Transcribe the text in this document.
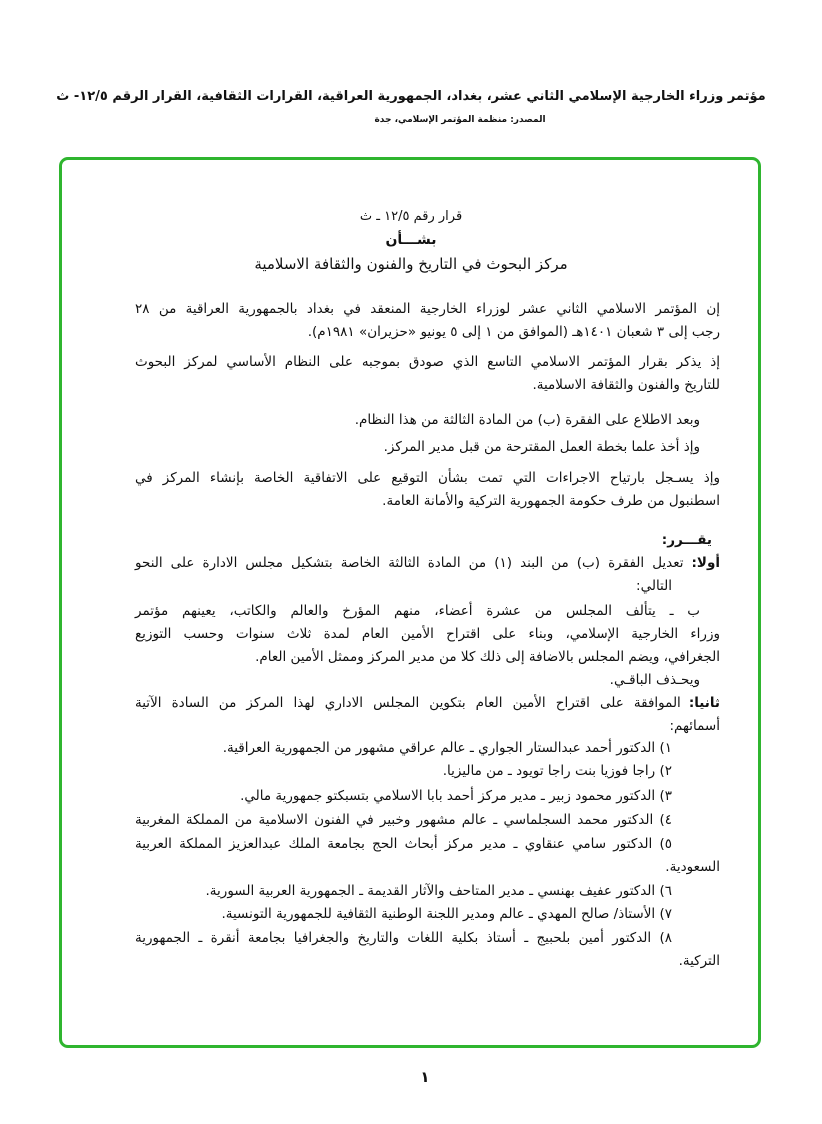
مؤتمر وزراء الخارجية الإسلامي الثاني عشر، بغداد، الجمهورية العراقية، القرارات الثقافية، القرار الرقم ١٢/٥- ث
المصدر: منظمة المؤتمر الإسلامي، جدة
قرار رقم ١٢/٥ ـ ث
بشـــأن
مركز البحوث في التاريخ والفنون والثقافة الاسلامية
إن المؤتمر الاسلامي الثاني عشر لوزراء الخارجية المنعقد في بغداد بالجمهورية العراقية من ٢٨
رجب إلى ٣ شعبان ١٤٠١هـ (الموافق من ١ إلى ٥ يونيو «حزيران» ١٩٨١م).
إذ يذكر بقرار المؤتمر الاسلامي التاسع الذي صودق بموجبه على النظام الأساسي لمركز البحوث
للتاريخ والفنون والثقافة الاسلامية.
وبعد الاطلاع على الفقرة (ب) من المادة الثالثة من هذا النظام.
وإذ أخذ علما بخطة العمل المقترحة من قبل مدير المركز.
وإذ يسـجل بارتياح الاجراءات التي تمت بشأن التوقيع على الاتفاقية الخاصة بإنشاء المركز في
اسطنبول من طرف حكومة الجمهورية التركية والأمانة العامة.
يقـــرر:
أولا:
تعديل الفقرة (ب) من البند (١) من المادة الثالثة الخاصة بتشكيل مجلس الادارة على النحو
التالي:
ب ـ يتألف المجلس من عشرة أعضاء، منهم المؤرخ والعالم والكاتب، يعينهم مؤتمر
وزراء الخارجية الإسلامي، وبناء على اقتراح الأمين العام لمدة ثلاث سنوات وحسب التوزيع
الجغرافي، ويضم المجلس بالاضافة إلى ذلك كلا من مدير المركز وممثل الأمين العام.
ويحـذف الباقـي.
ثانيا:
الموافقة على اقتراح الأمين العام بتكوين المجلس الاداري لهذا المركز من السادة الآتية
أسمائهم:
١) الدكتور أحمد عبدالستار الجواري ـ عالم عراقي مشهور من الجمهورية العراقية.
٢) راجا فوزيا بنت راجا تويود ـ من ماليزيا.
٣) الدكتور محمود زبير ـ مدير مركز أحمد بابا الاسلامي بتسبكتو جمهورية مالي.
٤) الدكتور محمد السجلماسي ـ عالم مشهور وخبير في الفنون الاسلامية من المملكة المغربية
٥) الدكتور سامي عنقاوي ـ مدير مركز أبحاث الحج بجامعة الملك عبدالعزيز المملكة العربية
السعودية.
٦) الدكتور عفيف بهنسي ـ مدير المتاحف والآثار القديمة ـ الجمهورية العربية السورية.
٧) الأستاذ/ صالح المهدي ـ عالم ومدير اللجنة الوطنية الثقافية للجمهورية التونسية.
٨) الدكتور أمين بلحبيج ـ أستاذ بكلية اللغات والتاريخ والجغرافيا بجامعة أنقرة ـ الجمهورية
التركية.
١
